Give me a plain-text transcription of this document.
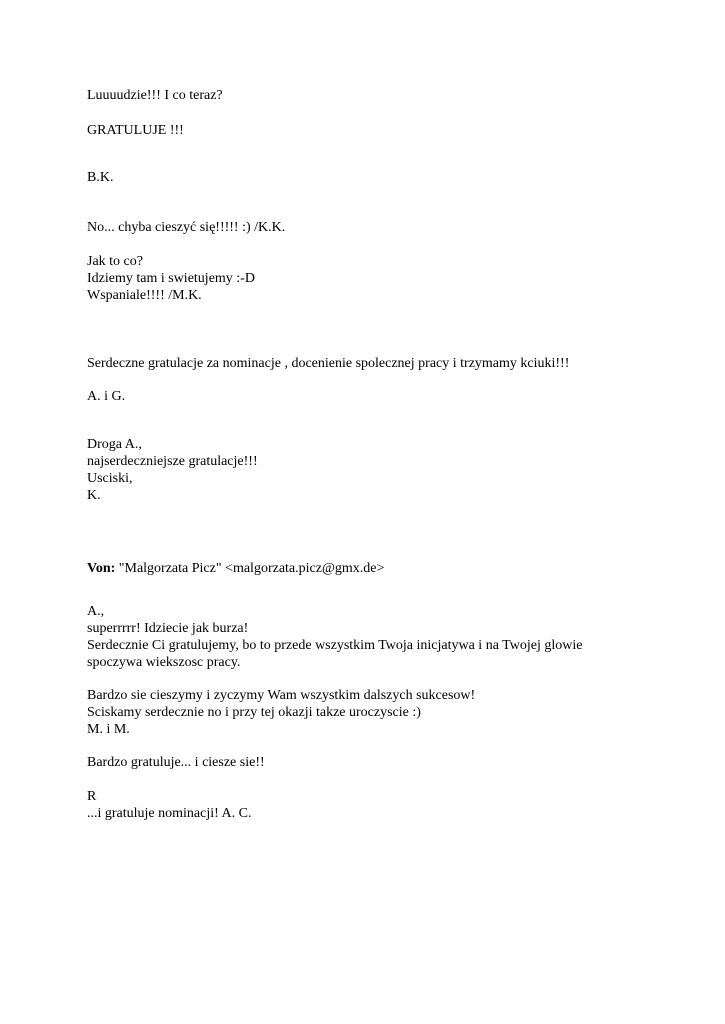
Luuuudzie!!! I co teraz?
GRATULUJE !!!
B.K.
No... chyba cieszyć się!!!!! :) /K.K.
Jak to co?
Idziemy tam i swietujemy :-D
Wspaniale!!!! /M.K.
Serdeczne gratulacje za nominacje , docenienie spolecznej pracy i trzymamy kciuki!!!
A. i G.
Droga A.,
najserdeczniejsze gratulacje!!!
Usciski,
K.
Von: "Malgorzata Picz" <malgorzata.picz@gmx.de>
A.,
superrrrr! Idziecie jak burza!
Serdecznie Ci gratulujemy, bo to przede wszystkim Twoja inicjatywa i na Twojej glowie
spoczywa wiekszosc pracy.
Bardzo sie cieszymy i zyczymy Wam wszystkim dalszych sukcesow!
Sciskamy serdecznie no i przy tej okazji takze uroczyscie :)
M. i M.
Bardzo gratuluje... i ciesze sie!!
R
...i gratuluje nominacji! A. C.
